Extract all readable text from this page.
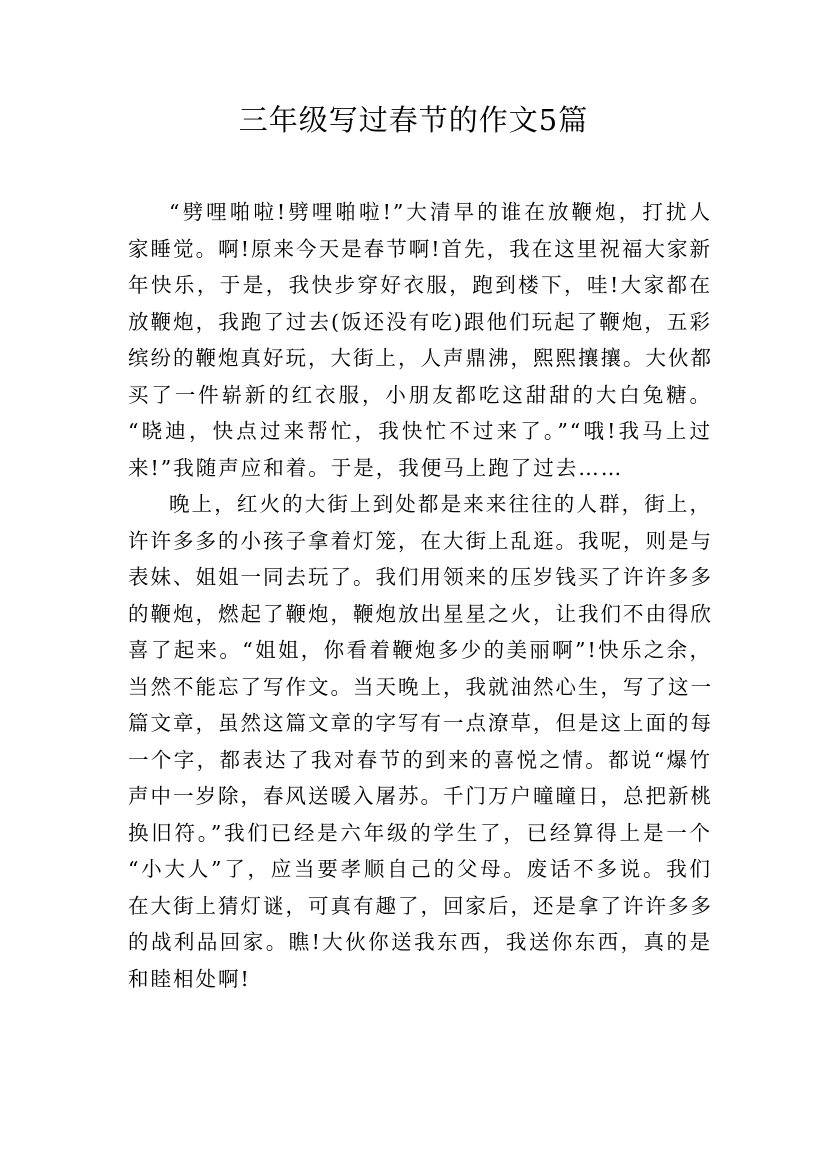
三年级写过春节的作文5篇
“劈哩啪啦!劈哩啪啦!”大清早的谁在放鞭炮，打扰人
家睡觉。啊!原来今天是春节啊!首先，我在这里祝福大家新
年快乐，于是，我快步穿好衣服，跑到楼下，哇!大家都在
放鞭炮，我跑了过去(饭还没有吃)跟他们玩起了鞭炮，五彩
缤纷的鞭炮真好玩，大街上，人声鼎沸，熙熙攘攘。大伙都
买了一件崭新的红衣服，小朋友都吃这甜甜的大白兔糖。
“晓迪，快点过来帮忙，我快忙不过来了。”“哦!我马上过
来!”我随声应和着。于是，我便马上跑了过去……
晚上，红火的大街上到处都是来来往往的人群，街上，
许许多多的小孩子拿着灯笼，在大街上乱逛。我呢，则是与
表妹、姐姐一同去玩了。我们用领来的压岁钱买了许许多多
的鞭炮，燃起了鞭炮，鞭炮放出星星之火，让我们不由得欣
喜了起来。“姐姐，你看着鞭炮多少的美丽啊”!快乐之余，
当然不能忘了写作文。当天晚上，我就油然心生，写了这一
篇文章，虽然这篇文章的字写有一点潦草，但是这上面的每
一个字，都表达了我对春节的到来的喜悦之情。都说“爆竹
声中一岁除，春风送暖入屠苏。千门万户曈曈日，总把新桃
换旧符。”我们已经是六年级的学生了，已经算得上是一个
“小大人”了，应当要孝顺自己的父母。废话不多说。我们
在大街上猜灯谜，可真有趣了，回家后，还是拿了许许多多
的战利品回家。瞧!大伙你送我东西，我送你东西，真的是
和睦相处啊!
